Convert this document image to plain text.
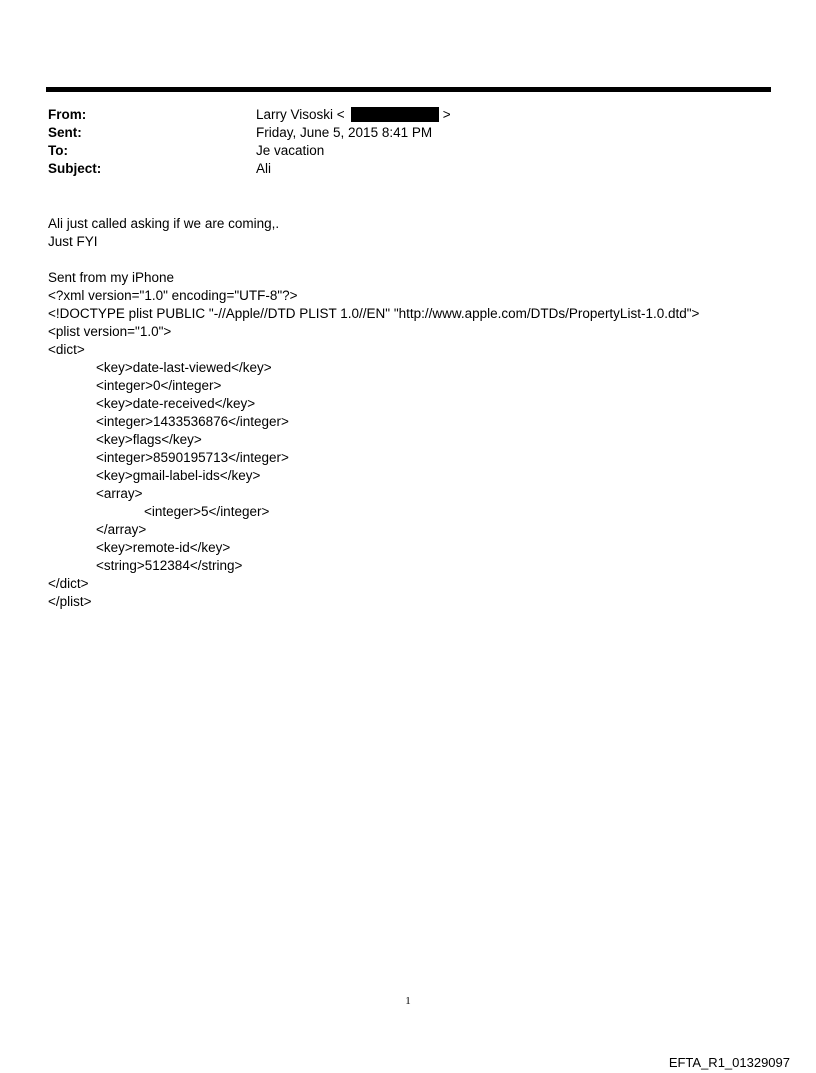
From:	Larry Visoski <	>
Sent:	Friday, June 5, 2015 8:41 PM
To:	Je vacation
Subject:	Ali
Ali just called asking if we are coming,.
Just FYI
Sent from my iPhone
<?xml version="1.0" encoding="UTF-8"?>
<!DOCTYPE plist PUBLIC "-//Apple//DTD PLIST 1.0//EN" "http://www.apple.com/DTDs/PropertyList-1.0.dtd">
<plist version="1.0">
<dict>
<key>date-last-viewed</key>
<integer>0</integer>
<key>date-received</key>
<integer>1433536876</integer>
<key>flags</key>
<integer>8590195713</integer>
<key>gmail-label-ids</key>
<array>
<integer>5</integer>
</array>
<key>remote-id</key>
<string>512384</string>
</dict>
</plist>
1
EFTA_R1_01329097
